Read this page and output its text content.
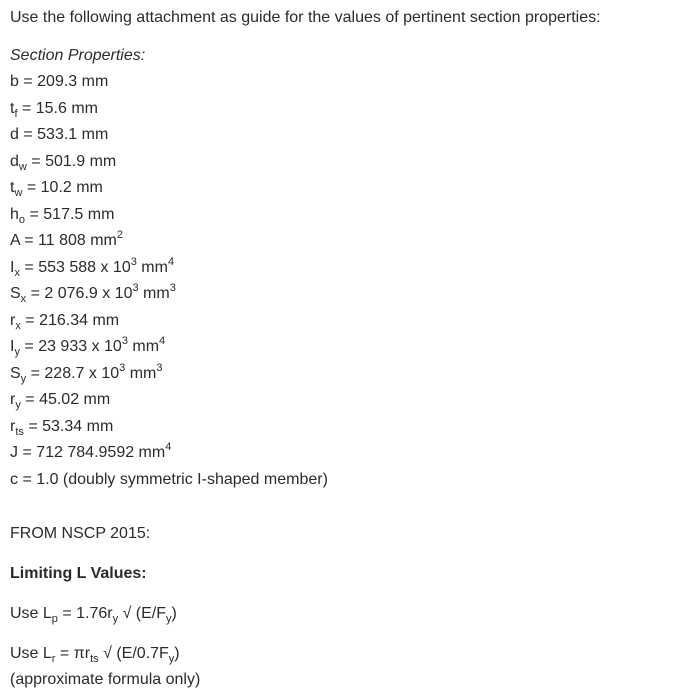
Use the following attachment as guide for the values of pertinent section properties:
Section Properties:
b = 209.3 mm
$t_f = 15.6$ mm
d = 533.1 mm
$d_w = 501.9$ mm
$t_w = 10.2$ mm
$h_o = 517.5$ mm
A = 11 808 $mm^2$
$I_x = 553$ 588 x $10^3$ $mm^4$
$S_x = 2$ 076.9 x $10^3$ $mm^3$
$r_x = 216.34$ mm
$I_y = 23$ 933 x $10^3$ $mm^4$
$S_y = 228.7$ x $10^3$ $mm^3$
$r_y = 45.02$ mm
$r_{ts} = 53.34$ mm
J = 712 784.9592 $mm^4$
c = 1.0 (doubly symmetric I-shaped member)
FROM NSCP 2015:
Limiting L Values:
Use $L_p = 1.76r_y$ √ $(E/F_y)$
Use $L_r = \pi r_{ts}$ √ $(E/0.7F_y)$
(approximate formula only)
